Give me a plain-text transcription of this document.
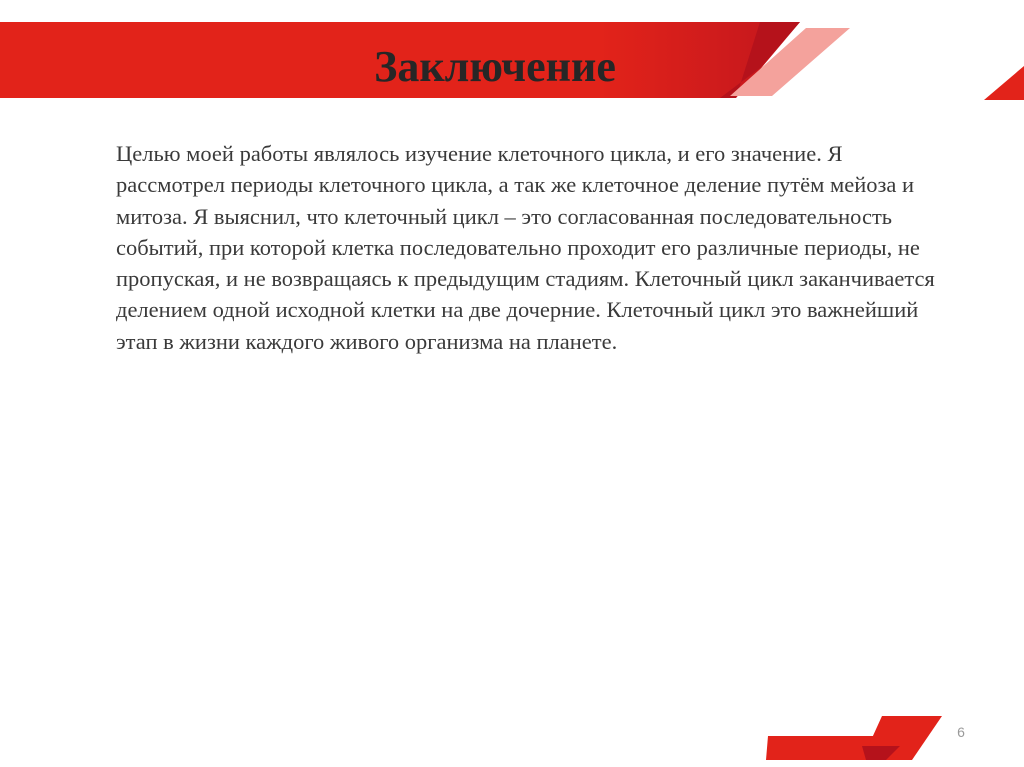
Заключение

Целью моей работы являлось изучение клеточного цикла, и его значение. Я рассмотрел периоды клеточного цикла, а так же клеточное деление путём мейоза и митоза. Я выяснил, что клеточный цикл – это согласованная последовательность событий, при которой клетка последовательно проходит его различные периоды, не пропуская, и не возвращаясь к предыдущим стадиям. Клеточный цикл заканчивается делением одной исходной клетки на две дочерние. Клеточный цикл это важнейший этап в жизни каждого живого организма на планете.

6
